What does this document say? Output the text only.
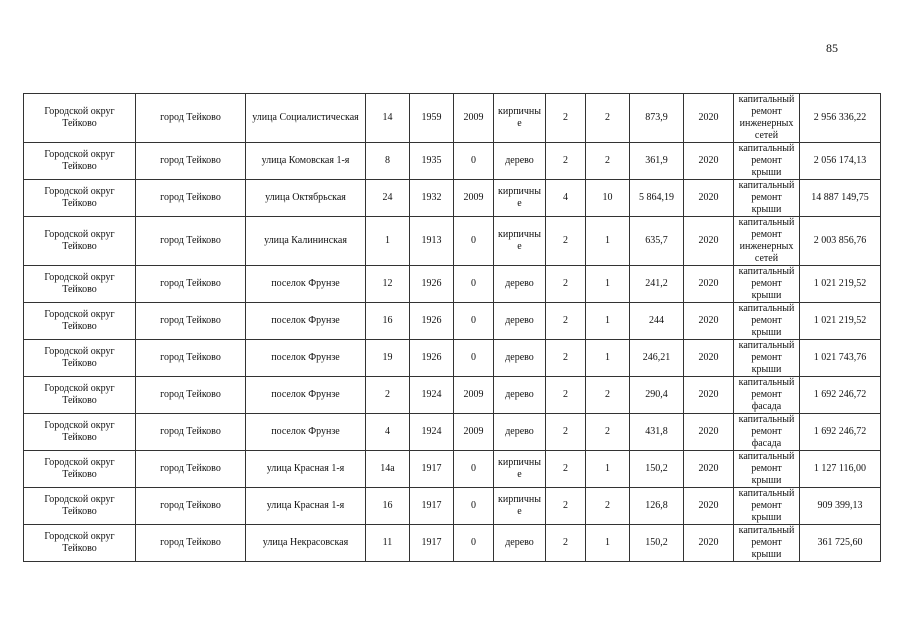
85
Городской округ Тейково	город Тейково	улица Социалистическая	14	1959	2009	кирпичные	2	2	873,9	2020	капитальный ремонт инженерных сетей	2 956 336,22
Городской округ Тейково	город Тейково	улица Комовская 1-я	8	1935	0	дерево	2	2	361,9	2020	капитальный ремонт крыши	2 056 174,13
Городской округ Тейково	город Тейково	улица Октябрьская	24	1932	2009	кирпичные	4	10	5 864,19	2020	капитальный ремонт крыши	14 887 149,75
Городской округ Тейково	город Тейково	улица Калининская	1	1913	0	кирпичные	2	1	635,7	2020	капитальный ремонт инженерных сетей	2 003 856,76
Городской округ Тейково	город Тейково	поселок Фрунзе	12	1926	0	дерево	2	1	241,2	2020	капитальный ремонт крыши	1 021 219,52
Городской округ Тейково	город Тейково	поселок Фрунзе	16	1926	0	дерево	2	1	244	2020	капитальный ремонт крыши	1 021 219,52
Городской округ Тейково	город Тейково	поселок Фрунзе	19	1926	0	дерево	2	1	246,21	2020	капитальный ремонт крыши	1 021 743,76
Городской округ Тейково	город Тейково	поселок Фрунзе	2	1924	2009	дерево	2	2	290,4	2020	капитальный ремонт фасада	1 692 246,72
Городской округ Тейково	город Тейково	поселок Фрунзе	4	1924	2009	дерево	2	2	431,8	2020	капитальный ремонт фасада	1 692 246,72
Городской округ Тейково	город Тейково	улица Красная 1-я	14а	1917	0	кирпичные	2	1	150,2	2020	капитальный ремонт крыши	1 127 116,00
Городской округ Тейково	город Тейково	улица Красная 1-я	16	1917	0	кирпичные	2	2	126,8	2020	капитальный ремонт крыши	909 399,13
Городской округ Тейково	город Тейково	улица Некрасовская	11	1917	0	дерево	2	1	150,2	2020	капитальный ремонт крыши	361 725,60
